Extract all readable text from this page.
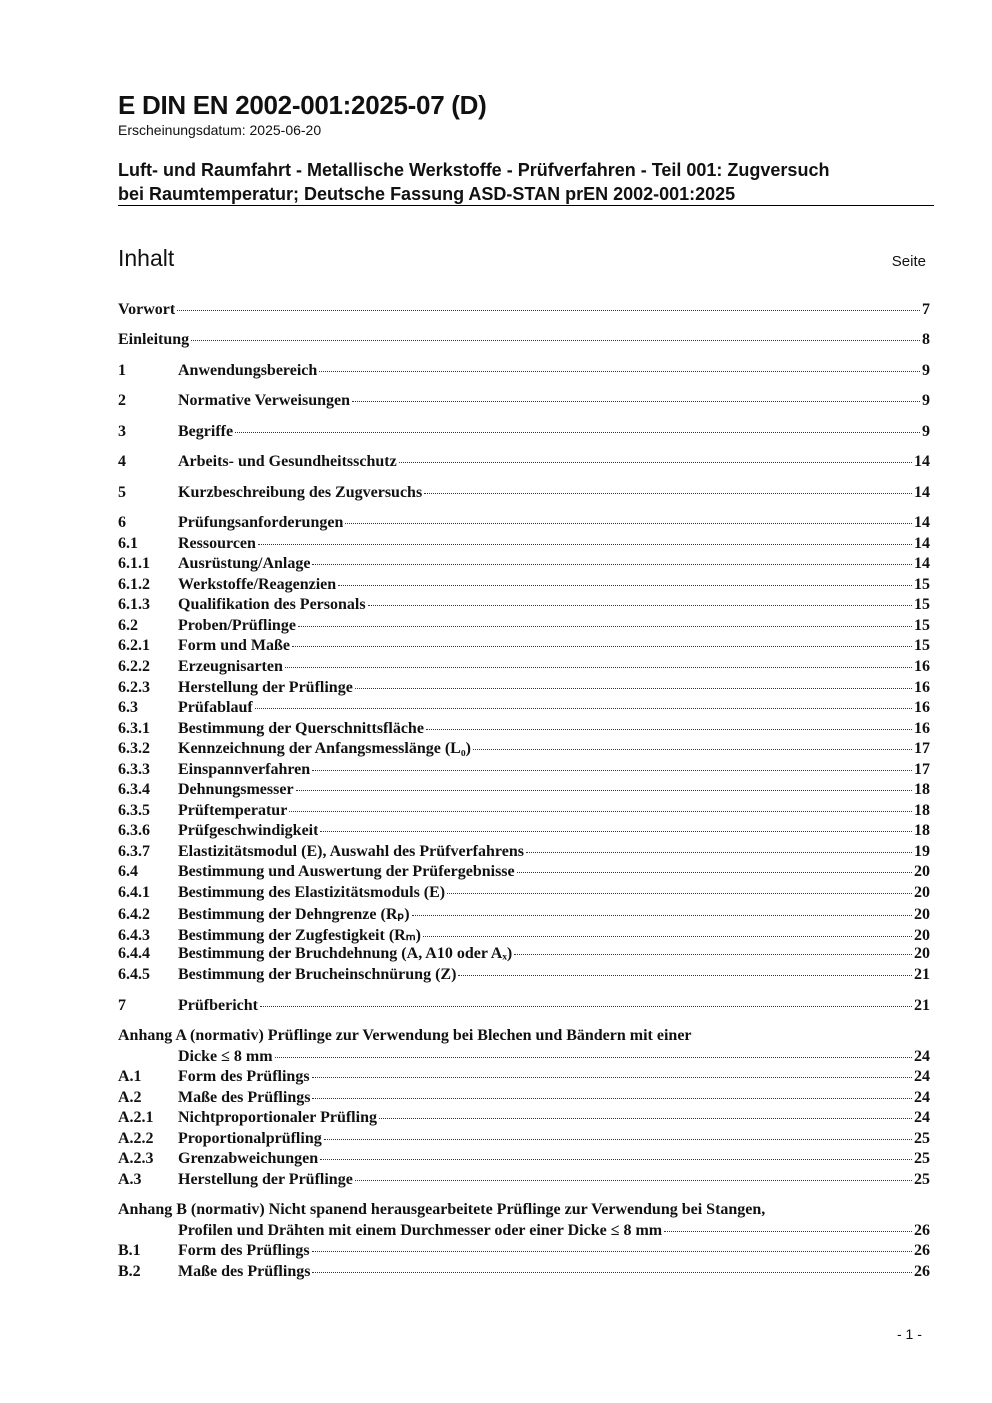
E DIN EN 2002-001:2025-07 (D)
Erscheinungsdatum: 2025-06-20
Luft- und Raumfahrt - Metallische Werkstoffe - Prüfverfahren - Teil 001: Zugversuch
bei Raumtemperatur; Deutsche Fassung ASD-STAN prEN 2002-001:2025
Inhalt	Seite
Vorwort	7
Einleitung	8
1	Anwendungsbereich	9
2	Normative Verweisungen	9
3	Begriffe	9
4	Arbeits- und Gesundheitsschutz	14
5	Kurzbeschreibung des Zugversuchs	14
6	Prüfungsanforderungen	14
6.1	Ressourcen	14
6.1.1	Ausrüstung/Anlage	14
6.1.2	Werkstoffe/Reagenzien	15
6.1.3	Qualifikation des Personals	15
6.2	Proben/Prüflinge	15
6.2.1	Form und Maße	15
6.2.2	Erzeugnisarten	16
6.2.3	Herstellung der Prüflinge	16
6.3	Prüfablauf	16
6.3.1	Bestimmung der Querschnittsfläche	16
6.3.2	Kennzeichnung der Anfangsmesslänge (L₀)	17
6.3.3	Einspannverfahren	17
6.3.4	Dehnungsmesser	18
6.3.5	Prüftemperatur	18
6.3.6	Prüfgeschwindigkeit	18
6.3.7	Elastizitätsmodul (E), Auswahl des Prüfverfahrens	19
6.4	Bestimmung und Auswertung der Prüfergebnisse	20
6.4.1	Bestimmung des Elastizitätsmoduls (E)	20
6.4.2	Bestimmung der Dehngrenze (Rₚ)	20
6.4.3	Bestimmung der Zugfestigkeit (Rₘ)	20
6.4.4	Bestimmung der Bruchdehnung (A, A10 oder Aₓ)	20
6.4.5	Bestimmung der Brucheinschnürung (Z)	21
7	Prüfbericht	21
Anhang A (normativ) Prüflinge zur Verwendung bei Blechen und Bändern mit einer
Dicke ≤ 8 mm	24
A.1	Form des Prüflings	24
A.2	Maße des Prüflings	24
A.2.1	Nichtproportionaler Prüfling	24
A.2.2	Proportionalprüfling	25
A.2.3	Grenzabweichungen	25
A.3	Herstellung der Prüflinge	25
Anhang B (normativ) Nicht spanend herausgearbeitete Prüflinge zur Verwendung bei Stangen,
Profilen und Drähten mit einem Durchmesser oder einer Dicke ≤ 8 mm	26
B.1	Form des Prüflings	26
B.2	Maße des Prüflings	26
- 1 -
